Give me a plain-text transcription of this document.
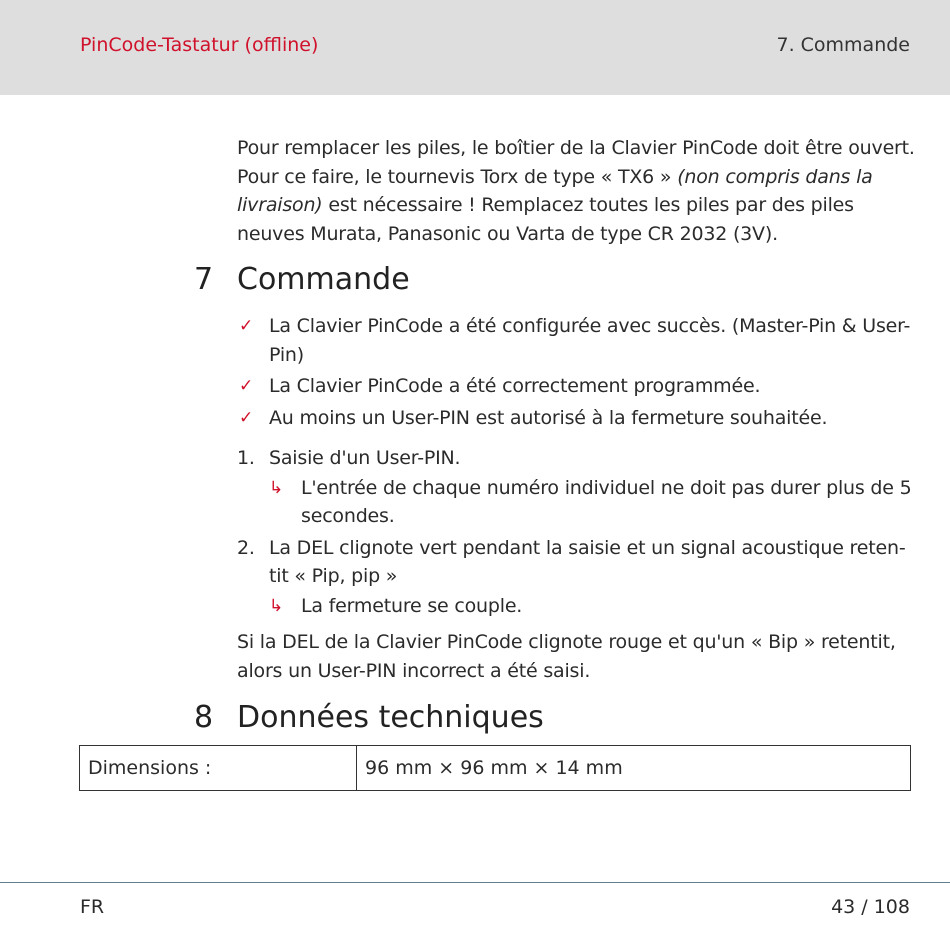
PinCode-Tastatur (offline)	7. Commande

Pour remplacer les piles, le boîtier de la Clavier PinCode doit être ouvert. Pour ce faire, le tournevis Torx de type « TX6 » (non compris dans la livraison) est nécessaire ! Remplacez toutes les piles par des piles neuves Murata, Panasonic ou Varta de type CR 2032 (3V).

7 Commande
✓ La Clavier PinCode a été configurée avec succès. (Master-Pin & User-Pin)
✓ La Clavier PinCode a été correctement programmée.
✓ Au moins un User-PIN est autorisé à la fermeture souhaitée.
1. Saisie d'un User-PIN.
↳ L'entrée de chaque numéro individuel ne doit pas durer plus de 5 secondes.
2. La DEL clignote vert pendant la saisie et un signal acoustique retentit « Pip, pip »
↳ La fermeture se couple.

Si la DEL de la Clavier PinCode clignote rouge et qu'un « Bip » retentit, alors un User-PIN incorrect a été saisi.

8 Données techniques
Dimensions :	96 mm × 96 mm × 14 mm
FR	43 / 108
